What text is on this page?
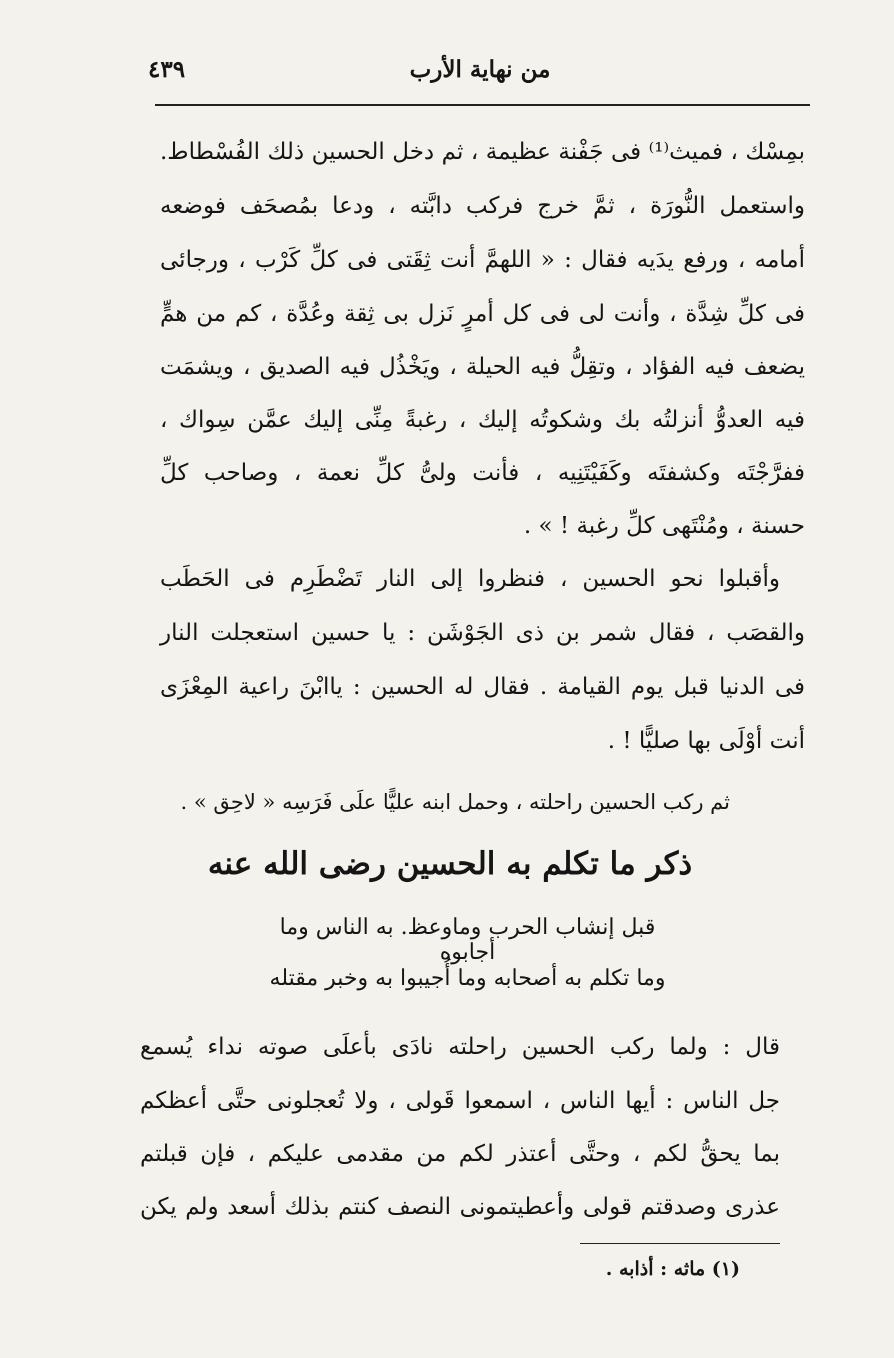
من نهاية الأرب
٤٣٩
بمِسْك ، فميث⁽¹⁾ فى جَفْنة عظيمة ، ثم دخل الحسين ذلك الفُسْطاط.
واستعمل النُّورَة ، ثمَّ خرج فركب دابَّته ، ودعا بمُصحَف فوضعه
أمامه ، ورفع يدَيه فقال : « اللهمَّ أنت ثِقَتى فى كلِّ كَرْب ، ورجائى
فى كلِّ شِدَّة ، وأنت لى فى كل أمرٍ نَزل بى ثِقة وعُدَّة ، كم من همٍّ
يضعف فيه الفؤاد ، وتقِلُّ فيه الحيلة ، ويَخْذُل فيه الصديق ، ويشمَت
فيه العدوُّ أنزلتُه بك وشكوتُه إليك ، رغبةً مِنِّى إليك عمَّن سِواك ،
ففرَّجْتَه وكشفتَه وكَفَيْتَنِيه ، فأنت ولىُّ كلِّ نعمة ، وصاحب كلِّ
حسنة ، ومُنْتَهى كلِّ رغبة ! » .
وأقبلوا نحو الحسين ، فنظروا إلى النار تَضْطَرِم فى الحَطَب
والقصَب ، فقال شمر بن ذى الجَوْشَن : يا حسين استعجلت النار
فى الدنيا قبل يوم القيامة . فقال له الحسين : ياابْنَ راعية المِعْزَى
أنت أوْلَى بها صليًّا ! .
ثم ركب الحسين راحلته ، وحمل ابنه عليًّا علَى فَرَسِه « لاحِق » .
ذكر ما تكلم به الحسين رضى الله عنه
قبل إنشاب الحرب وماوعظ. به الناس وما أجابوه
وما تكلم به أصحابه وما أُجيبوا به وخبر مقتله
قال : ولما ركب الحسين راحلته نادَى بأعلَى صوته نداء يُسمع
جل الناس : أيها الناس ، اسمعوا قَولى ، ولا تُعجلونى حتَّى أعظكم
بما يحقُّ لكم ، وحتَّى أعتذر لكم من مقدمى عليكم ، فإن قبلتم
عذرى وصدقتم قولى وأعطيتمونى النصف كنتم بذلك أسعد ولم يكن
(١) ماثه : أذابه .
